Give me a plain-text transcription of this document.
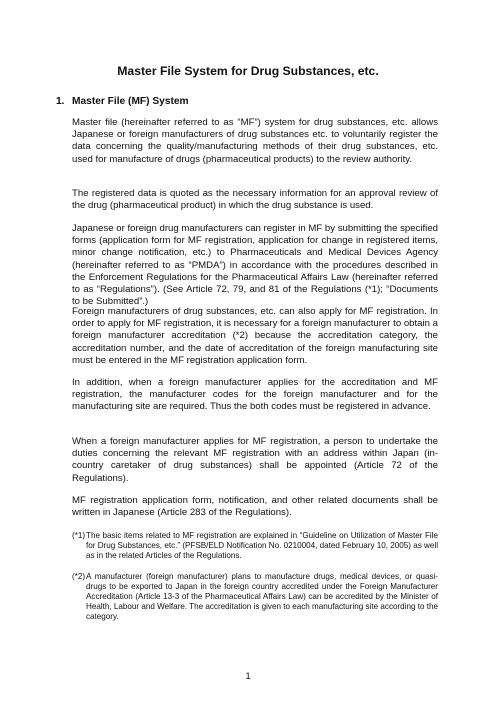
Master File System for Drug Substances, etc.
1. Master File (MF) System

Master file (hereinafter referred to as “MF”) system for drug substances, etc. allows Japanese or foreign manufacturers of drug substances etc. to voluntarily register the data concerning the quality/manufacturing methods of their drug substances, etc. used for manufacture of drugs (pharmaceutical products) to the review authority.

The registered data is quoted as the necessary information for an approval review of the drug (pharmaceutical product) in which the drug substance is used.

Japanese or foreign drug manufacturers can register in MF by submitting the specified forms (application form for MF registration, application for change in registered items, minor change notification, etc.) to Pharmaceuticals and Medical Devices Agency (hereinafter referred to as “PMDA”) in accordance with the procedures described in the Enforcement Regulations for the Pharmaceutical Affairs Law (hereinafter referred to as “Regulations”). (See Article 72, 79, and 81 of the Regulations (*1); “Documents to be Submitted”.)

Foreign manufacturers of drug substances, etc. can also apply for MF registration. In order to apply for MF registration, it is necessary for a foreign manufacturer to obtain a foreign manufacturer accreditation (*2) because the accreditation category, the accreditation number, and the date of accreditation of the foreign manufacturing site must be entered in the MF registration application form.

In addition, when a foreign manufacturer applies for the accreditation and MF registration, the manufacturer codes for the foreign manufacturer and for the manufacturing site are required. Thus the both codes must be registered in advance.

When a foreign manufacturer applies for MF registration, a person to undertake the duties concerning the relevant MF registration with an address within Japan (in-country caretaker of drug substances) shall be appointed (Article 72 of the Regulations).

MF registration application form, notification, and other related documents shall be written in Japanese (Article 283 of the Regulations).

(*1) The basic items related to MF registration are explained in “Guideline on Utilization of Master File for Drug Substances, etc.” (PFSB/ELD Notification No. 0210004, dated February 10, 2005) as well as in the related Articles of the Regulations.
(*2) A manufacturer (foreign manufacturer) plans to manufacture drugs, medical devices, or quasi-drugs to be exported to Japan in the foreign country accredited under the Foreign Manufacturer Accreditation (Article 13-3 of the Pharmaceutical Affairs Law) can be accredited by the Minister of Health, Labour and Welfare. The accreditation is given to each manufacturing site according to the category.
1
